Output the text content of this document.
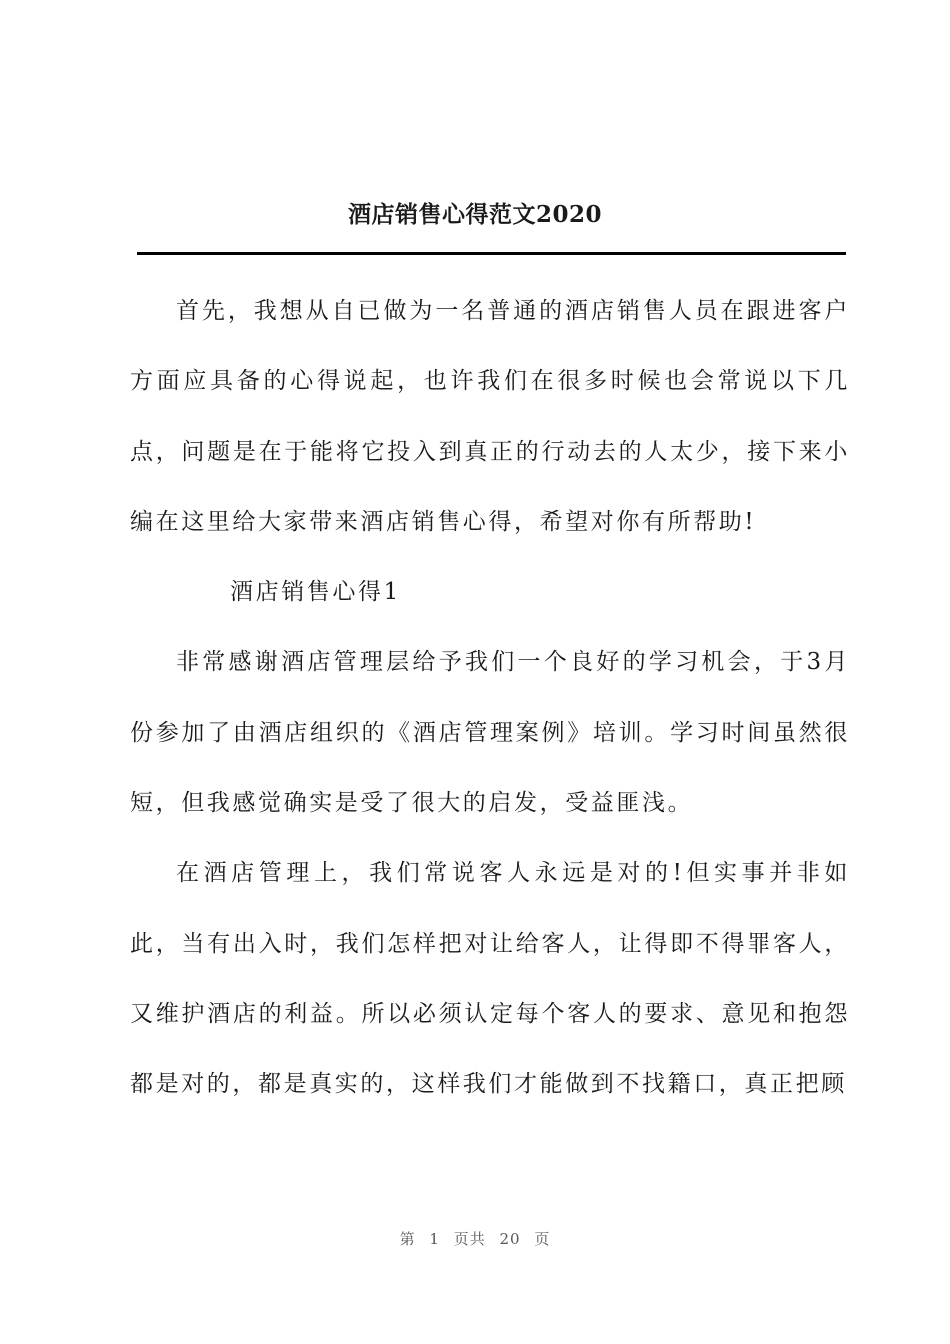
酒店销售心得范文2020

首先，我想从自已做为一名普通的酒店销售人员在跟进客户方面应具备的心得说起，也许我们在很多时候也会常说以下几点，问题是在于能将它投入到真正的行动去的人太少，接下来小编在这里给大家带来酒店销售心得，希望对你有所帮助!

酒店销售心得1

非常感谢酒店管理层给予我们一个良好的学习机会，于3月份参加了由酒店组织的《酒店管理案例》培训。学习时间虽然很短，但我感觉确实是受了很大的启发，受益匪浅。

在酒店管理上，我们常说客人永远是对的!但实事并非如此，当有出入时，我们怎样把对让给客人，让得即不得罪客人，又维护酒店的利益。所以必须认定每个客人的要求、意见和抱怨都是对的，都是真实的，这样我们才能做到不找籍口，真正把顾

第 1 页共 20 页
